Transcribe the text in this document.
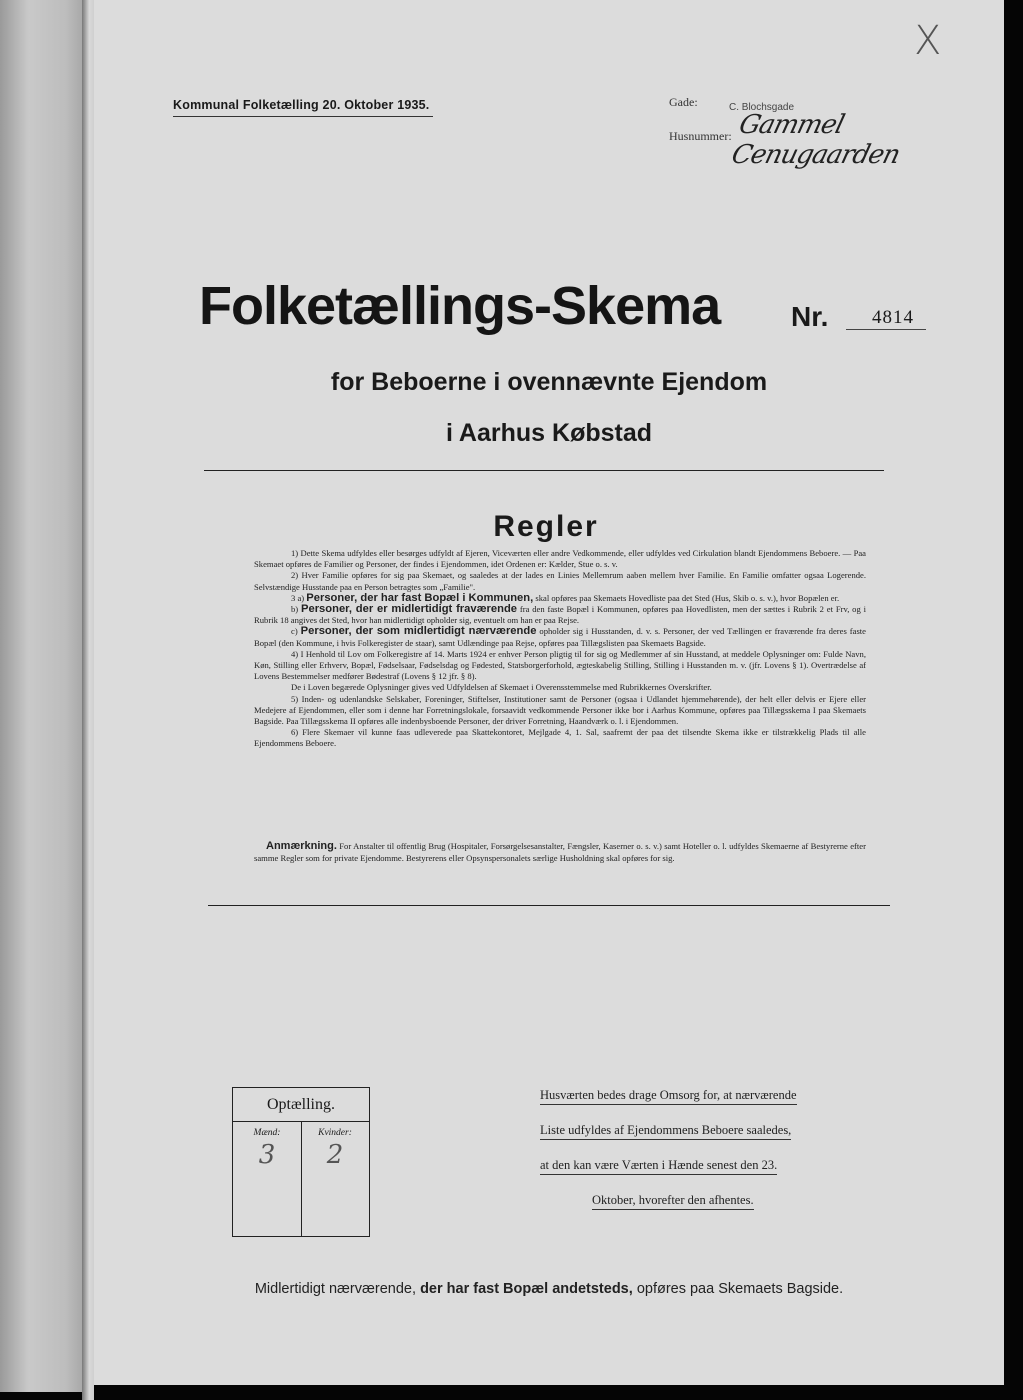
X
Kommunal Folketælling 20. Oktober 1935.	Gade:	C. Blochsgade
Husnummer: Gammel Cenugaarden
Folketællings-Skema	Nr. 4814
for Beboerne i ovennævnte Ejendom
i Aarhus Købstad
Regler

1) Dette Skema udfyldes eller besørges udfyldt af Ejeren, Viceværten eller andre Vedkommende, eller udfyldes ved Cirkulation blandt Ejendommens Beboere. — Paa Skemaet opføres de Familier og Personer, der findes i Ejendommen, idet Ordenen er: Kælder, Stue o. s. v.

2) Hver Familie opføres for sig paa Skemaet, og saaledes at der lades en Linies Mellemrum aaben mellem hver Familie. En Familie omfatter ogsaa Logerende. Selvstændige Husstande paa en Person betragtes som „Familie".

3 a) Personer, der har fast Bopæl i Kommunen, skal opføres paa Skemaets Hovedliste paa det Sted (Hus, Skib o. s. v.), hvor Bopælen er.

b) Personer, der er midlertidigt fraværende fra den faste Bopæl i Kommunen, opføres paa Hovedlisten, men der sættes i Rubrik 2 et Frv, og i Rubrik 18 angives det Sted, hvor han midlertidigt opholder sig, eventuelt om han er paa Rejse.

c) Personer, der som midlertidigt nærværende opholder sig i Husstanden, d. v. s. Personer, der ved Tællingen er fraværende fra deres faste Bopæl (den Kommune, i hvis Folkeregister de staar), samt Udlændinge paa Rejse, opføres paa Tillægslisten paa Skemaets Bagside.

4) I Henhold til Lov om Folkeregistre af 14. Marts 1924 er enhver Person pligtig til for sig og Medlemmer af sin Husstand, at meddele Oplysninger om: Fulde Navn, Køn, Stilling eller Erhverv, Bopæl, Fødselsaar, Fødselsdag og Fødested, Statsborgerforhold, ægteskabelig Stilling, Stilling i Husstanden m. v. (jfr. Lovens § 1). Overtrædelse af Lovens Bestemmelser medfører Bødestraf (Lovens § 12 jfr. § 8).

De i Loven begærede Oplysninger gives ved Udfyldelsen af Skemaet i Overensstemmelse med Rubrikkernes Overskrifter.

5) Inden- og udenlandske Selskaber, Foreninger, Stiftelser, Institutioner samt de Personer (ogsaa i Udlandet hjemmehørende), der helt eller delvis er Ejere eller Medejere af Ejendommen, eller som i denne har Forretningslokale, forsaavidt vedkommende Personer ikke bor i Aarhus Kommune, opføres paa Tillægsskema I paa Skemaets Bagside. Paa Tillægsskema II opføres alle indenbysboende Personer, der driver Forretning, Haandværk o. l. i Ejendommen.

6) Flere Skemaer vil kunne faas udleverede paa Skattekontoret, Mejlgade 4, 1. Sal, saafremt der paa det tilsendte Skema ikke er tilstrækkelig Plads til alle Ejendommens Beboere.

Anmærkning. For Anstalter til offentlig Brug (Hospitaler, Forsørgelsesanstalter, Fængsler, Kaserner o. s. v.) samt Hoteller o. l. udfyldes Skemaerne af Bestyrerne efter samme Regler som for private Ejendomme. Bestyrerens eller Opsynspersonalets særlige Husholdning skal opføres for sig.

Optælling.
Mænd:	Kvinder:
3	2
Husværten bedes drage Omsorg for, at nærværende
Liste udfyldes af Ejendommens Beboere saaledes,
at den kan være Værten i Hænde senest den 23.
Oktober, hvorefter den afhentes.
Midlertidigt nærværende, der har fast Bopæl andetsteds, opføres paa Skemaets Bagside.
